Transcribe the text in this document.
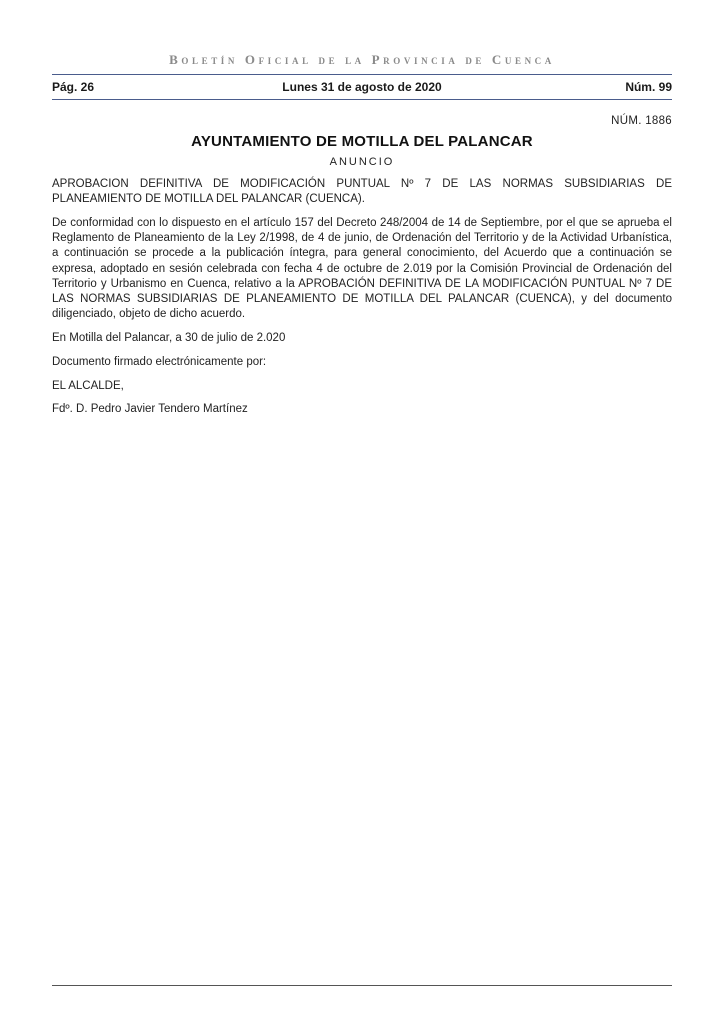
Boletín Oficial de la Provincia de Cuenca
Pág. 26	Lunes 31 de agosto de 2020	Núm. 99
NÚM. 1886
AYUNTAMIENTO DE MOTILLA DEL PALANCAR
ANUNCIO

APROBACION DEFINITIVA DE MODIFICACIÓN PUNTUAL Nº 7 DE LAS NORMAS SUBSIDIARIAS DE PLANEAMIENTO DE MOTILLA DEL PALANCAR (CUENCA).

De conformidad con lo dispuesto en el artículo 157 del Decreto 248/2004 de 14 de Septiembre, por el que se aprueba el Reglamento de Planeamiento de la Ley 2/1998, de 4 de junio, de Ordenación del Territorio y de la Actividad Urbanística, a continuación se procede a la publicación íntegra, para general conocimiento, del Acuerdo que a continuación se expresa, adoptado en sesión celebrada con fecha 4 de octubre de 2.019 por la Comisión Provincial de Ordenación del Territorio y Urbanismo en Cuenca, relativo a la APROBACIÓN DEFINITIVA DE LA MODIFICACIÓN PUNTUAL Nº 7 DE LAS NORMAS SUBSIDIARIAS DE PLANEAMIENTO DE MOTILLA DEL PALANCAR (CUENCA), y del documento diligenciado, objeto de dicho acuerdo.

En Motilla del Palancar, a 30 de julio de 2.020

Documento firmado electrónicamente por:

EL ALCALDE,

Fdº. D. Pedro Javier Tendero Martínez
